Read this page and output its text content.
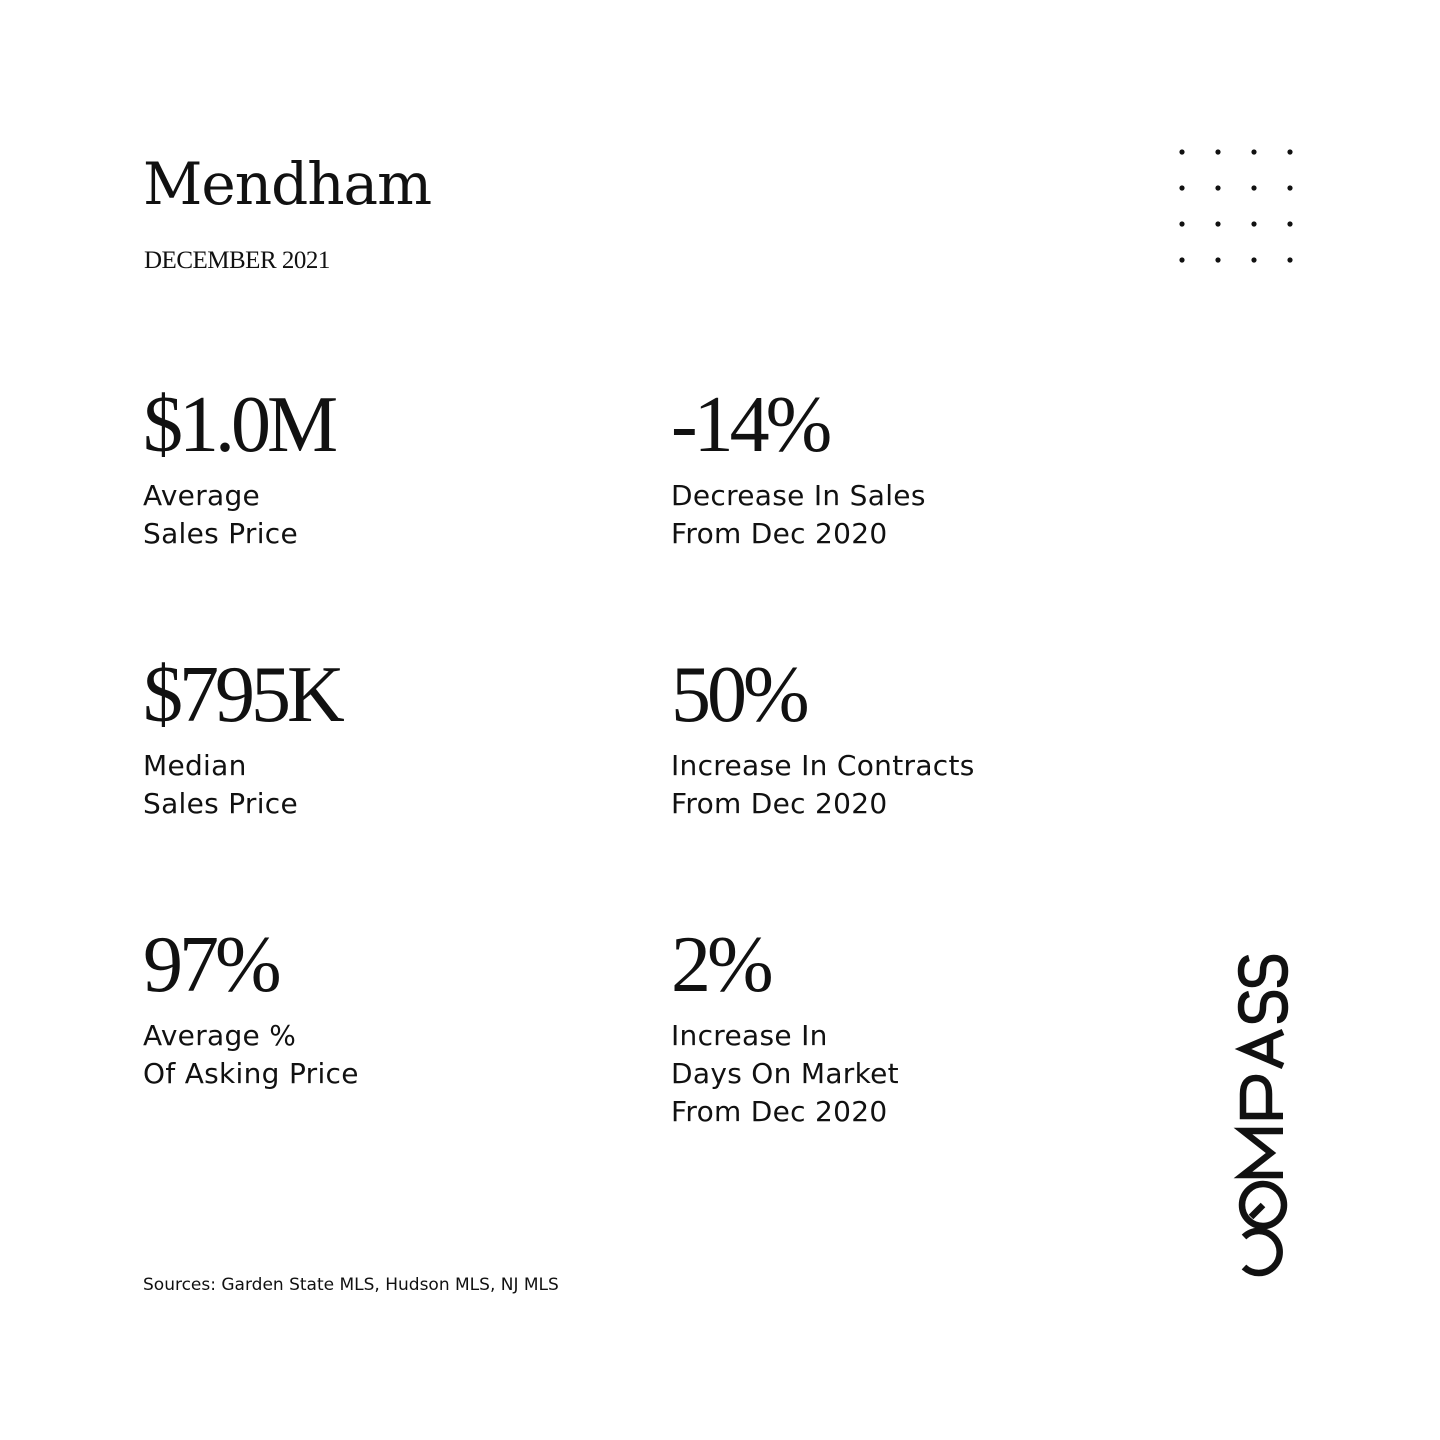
Mendham
DECEMBER 2021
$1.0M
Average
Sales Price
-14%
Decrease In Sales
From Dec 2020
$795K
Median
Sales Price
50%
Increase In Contracts
From Dec 2020
97%
Average %
Of Asking Price
2%
Increase In
Days On Market
From Dec 2020
Sources: Garden State MLS, Hudson MLS, NJ MLS
